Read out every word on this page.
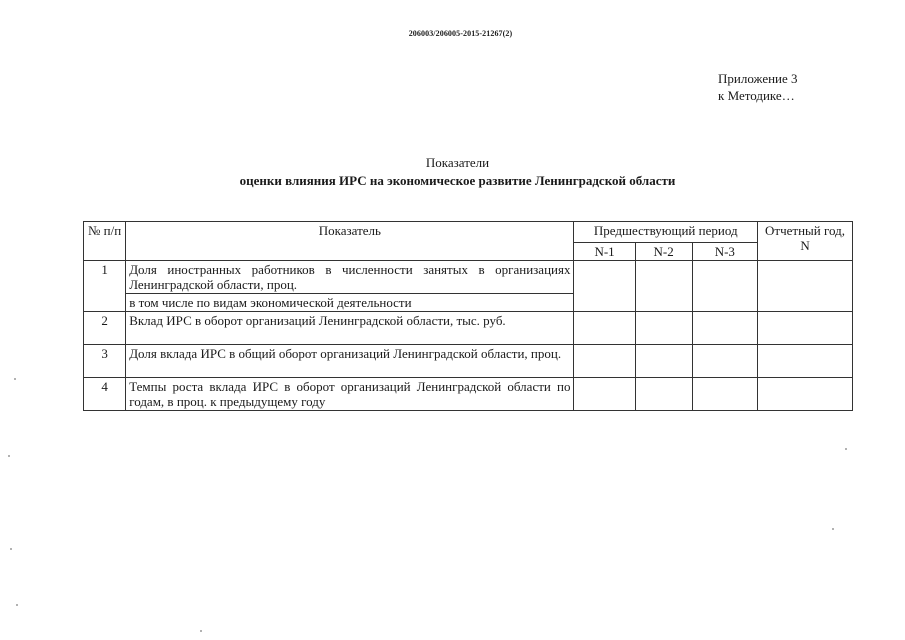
206003/206005-2015-21267(2)
Приложение 3
к Методике…
Показатели
оценки влияния ИРС на экономическое развитие Ленинградской области
№ п/п	Показатель	Предшествующий период			Отчетный год, N
		N-1	N-2	N-3	
1	Доля иностранных работников в численности занятых в организациях Ленинградской области, проц.				
	в том числе по видам экономической деятельности				
2	Вклад ИРС в оборот организаций Ленинградской области, тыс. руб.				
3	Доля вклада ИРС в общий оборот организаций Ленинградской области, проц.				
4	Темпы роста вклада ИРС в оборот организаций Ленинградской области по годам, в проц. к предыдущему году				
